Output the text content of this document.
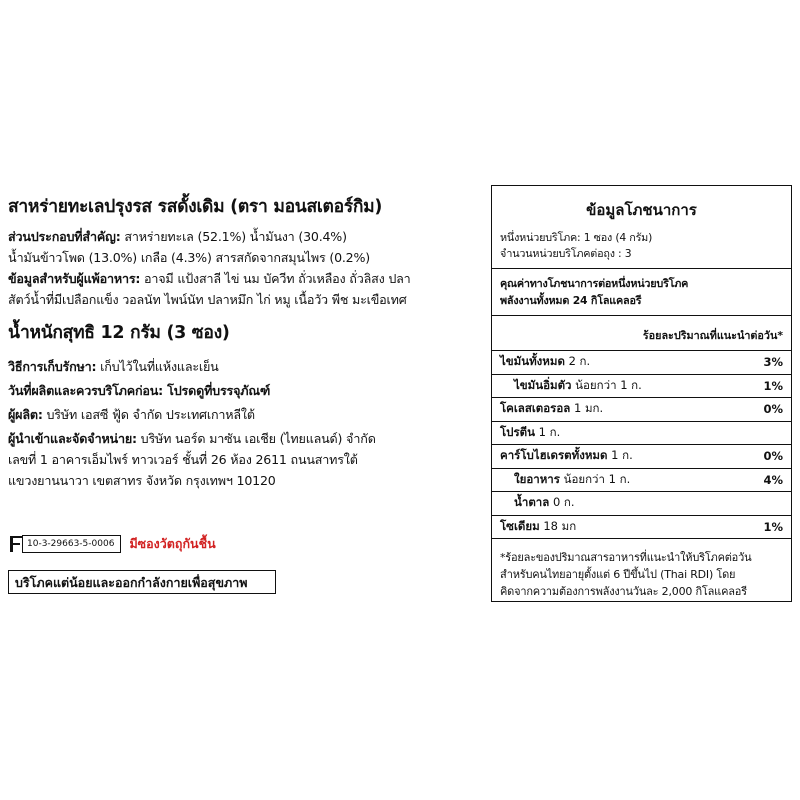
สาหร่ายทะเลปรุงรส รสดั้งเดิม (ตรา มอนสเตอร์กิม)

ส่วนประกอบที่สำคัญ: สาหร่ายทะเล (52.1%) น้ำมันงา (30.4%)

น้ำมันข้าวโพด (13.0%) เกลือ (4.3%) สารสกัดจากสมุนไพร (0.2%)

ข้อมูลสำหรับผู้แพ้อาหาร: อาจมี แป้งสาลี ไข่ นม บัควีท ถั่วเหลือง ถั่วลิสง ปลา

สัตว์น้ำที่มีเปลือกแข็ง วอลนัท ไพน์นัท ปลาหมึก ไก่ หมู เนื้อวัว พีช มะเขือเทศ

น้ำหนักสุทธิ 12 กรัม (3 ซอง)

วิธีการเก็บรักษา: เก็บไว้ในที่แห้งและเย็น

วันที่ผลิตและควรบริโภคก่อน: โปรดดูที่บรรจุภัณฑ์

ผู้ผลิต: บริษัท เอสซี ฟู้ด จำกัด ประเทศเกาหลีใต้

ผู้นำเข้าและจัดจำหน่าย: บริษัท นอร์ด มาซัน เอเชีย (ไทยแลนด์) จำกัด

เลขที่ 1 อาคารเอ็มไพร์ ทาวเวอร์ ชั้นที่ 26 ห้อง 2611 ถนนสาทรใต้

แขวงยานนาวา เขตสาทร จังหวัด กรุงเทพฯ 10120

10-3-29663-5-0006	มีซองวัตถุกันชื้น
บริโภคแต่น้อยและออกกำลังกายเพื่อสุขภาพ
ข้อมูลโภชนาการ
หนึ่งหน่วยบริโภค: 1 ซอง (4 กรัม)
จำนวนหน่วยบริโภคต่อถุง : 3
คุณค่าทางโภชนาการต่อหนึ่งหน่วยบริโภค
พลังงานทั้งหมด 24 กิโลแคลอรี
ร้อยละปริมาณที่แนะนำต่อวัน*
ไขมันทั้งหมด 2 ก.	3%
ไขมันอิ่มตัว น้อยกว่า 1 ก.	1%
โคเลสเตอรอล 1 มก.	0%
โปรตีน 1 ก.
คาร์โบไฮเดรตทั้งหมด 1 ก.	0%
ใยอาหาร น้อยกว่า 1 ก.	4%
น้ำตาล 0 ก.
โซเดียม 18 มก	1%
*ร้อยละของปริมาณสารอาหารที่แนะนำให้บริโภคต่อวัน
สำหรับคนไทยอายุตั้งแต่ 6 ปีขึ้นไป (Thai RDI) โดย
คิดจากความต้องการพลังงานวันละ 2,000 กิโลแคลอรี
